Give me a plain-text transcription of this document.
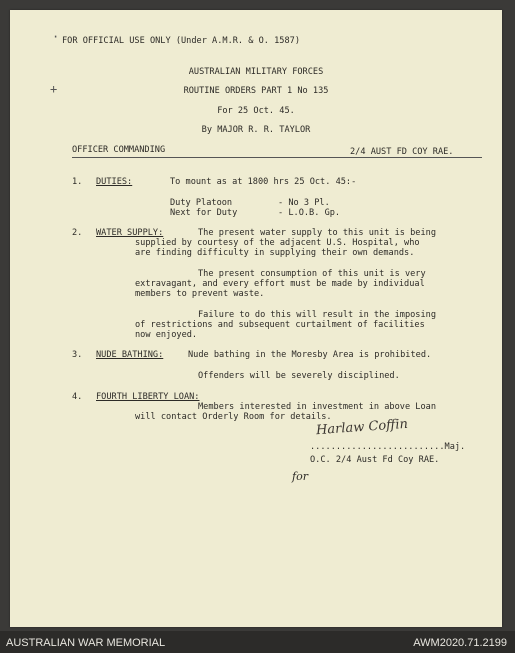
·
+
FOR OFFICIAL USE ONLY (Under A.M.R. & O. 1587)
AUSTRALIAN MILITARY FORCES
ROUTINE ORDERS PART 1 No 135
For 25 Oct. 45.
By MAJOR R. R. TAYLOR
OFFICER COMMANDING	2/4 AUST FD COY RAE.
1. DUTIES:	To mount as at 1800 hrs 25 Oct. 45:-
Duty Platoon	- No 3 Pl.
Next for Duty	- L.O.B. Gp.
2. WATER SUPPLY:	The present water supply to this unit is being
supplied by courtesy of the adjacent U.S. Hospital, who
are finding difficulty in supplying their own demands.
The present consumption of this unit is very
extravagant, and every effort must be made by individual
members to prevent waste.
Failure to do this will result in the imposing
of restrictions and subsequent curtailment of facilities
now enjoyed.
3. NUDE BATHING:	Nude bathing in the Moresby Area is prohibited.
Offenders will be severely disciplined.
4. FOURTH LIBERTY LOAN:
Members interested in investment in above Loan
will contact Orderly Room for details.
Harlaw Coffin
..........................Maj.
O.C. 2/4 Aust Fd Coy RAE.
for
AUSTRALIAN WAR MEMORIAL	AWM2020.71.2199
